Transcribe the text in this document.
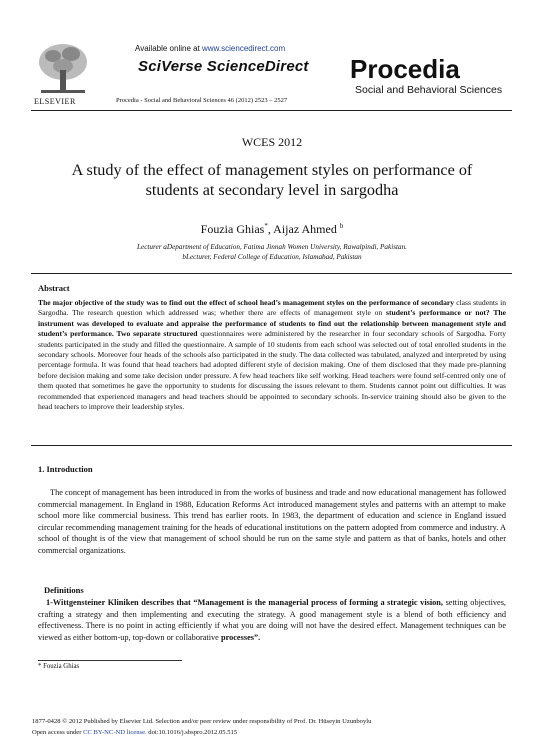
Available online at www.sciencedirect.com
SciVerse ScienceDirect
ELSEVIER	Procedia - Social and Behavioral Sciences 46 (2012) 2523 – 2527
Procedia
Social and Behavioral Sciences
WCES 2012
A study of the effect of management styles on performance of students at secondary level in sargodha
Fouzia Ghias*, Aijaz Ahmed $^b$
Lecturer aDepartment of Education, Fatima Jinnah Women University, Rawalpindi, Pakistan.
bLecturer, Federal College of Education, Islamabad, Pakistan
Abstract
The major objective of the study was to find out the effect of school head’s management styles on the performance of secondary class students in Sargodha. The research question which addressed was; whether there are effects of management style on student’s performance or not? The instrument was developed to evaluate and appraise the performance of students to find out the relationship between management style and student’s performance. Two separate structured questionnaires were administered by the researcher in four secondary schools of Sargodha. Forty students participated in the study and filled the questionnaire. A sample of 10 students from each school was selected out of total enrolled students in the secondary schools. Moreover four heads of the schools also participated in the study. The data collected was tabulated, analyzed and interpreted by using percentage formula. It was found that head teachers had adopted different style of decision making. One of them disclosed that they made pre-planning before decision making and some take decision under pressure. A few head teachers like self working. Head teachers were found self-centred only one of them quoted that sometimes he gave the opportunity to students for discussing the issues relevant to them. Students cannot point out difficulties. It was recommended that experienced managers and head teachers should be appointed to secondary schools. In-service training should also be given to the head teachers to improve their leadership styles.
1. Introduction
The concept of management has been introduced in from the works of business and trade and now educational management has followed commercial management. In England in 1988, Education Reforms Act introduced management styles and patterns with an attempt to make school more like commercial business. This trend has earlier roots. In 1983, the department of education and science in England issued circular recommending management training for the heads of educational institutions on the pattern adopted from commerce and industry. A school of thought is of the view that management of school should be run on the same style and pattern as that of banks, hotels and other commercial organizations.
Definitions
1-Wittgensteiner Kliniken describes that “Management is the managerial process of forming a strategic vision, setting objectives, crafting a strategy and then implementing and executing the strategy. A good management style is a blend of both efficiency and effectiveness. There is no point in acting efficiently if what you are doing will not have the desired effect. Management techniques can be viewed as either bottom-up, top-down or collaborative processes”.
* Fouzia Ghias
1877-0428 © 2012 Published by Elsevier Ltd. Selection and/or peer review under responsibility of Prof. Dr. Hüseyin Uzunboylu
Open access under CC BY-NC-ND license. doi:10.1016/j.sbspro.2012.05.515
